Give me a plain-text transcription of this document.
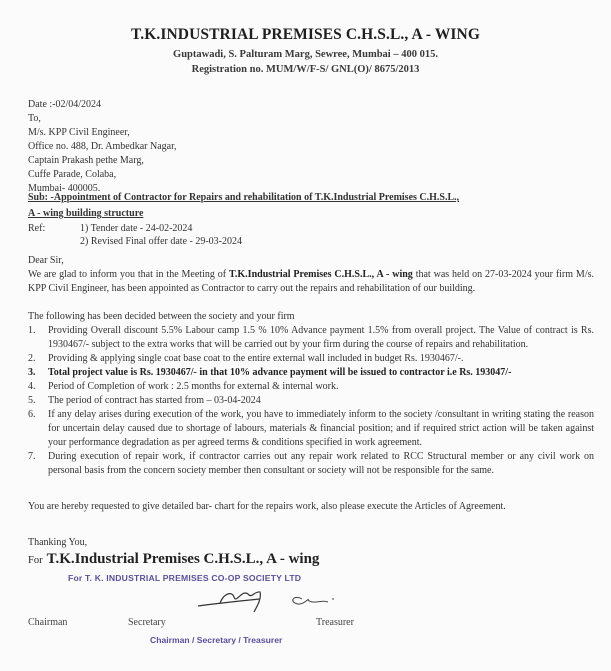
T.K.INDUSTRIAL PREMISES C.H.S.L., A - WING
Guptawadi, S. Palturam Marg, Sewree, Mumbai – 400 015.
Registration no. MUM/W/F-S/ GNL(O)/ 8675/2013
Date :-02/04/2024
To,
M/s. KPP Civil Engineer,
Office no. 488, Dr. Ambedkar Nagar,
Captain Prakash pethe Marg,
Cuffe Parade, Colaba,
Mumbai- 400005.
Sub: -Appointment of Contractor for Repairs and rehabilitation of T.K.Industrial Premises C.H.S.L.,
A - wing building structure
Ref:	1) Tender date - 24-02-2024
2) Revised Final offer date - 29-03-2024
Dear Sir,
We are glad to inform you that in the Meeting of T.K.Industrial Premises C.H.S.L., A - wing that was held on 27-03-2024 your firm M/s. KPP Civil Engineer, has been appointed as Contractor to carry out the repairs and rehabilitation of our building.
The following has been decided between the society and your firm
1.	Providing Overall discount 5.5% Labour camp 1.5 % 10% Advance payment 1.5% from overall project. The Value of contract is Rs. 1930467/- subject to the extra works that will be carried out by your firm during the course of repairs and rehabilitation.
2.	Providing & applying single coat base coat to the entire external wall included in budget Rs. 1930467/-.
3.	Total project value is Rs. 1930467/- in that 10% advance payment will be issued to contractor i.e Rs. 193047/-
4.	Period of Completion of work : 2.5 months for external & internal work.
5.	The period of contract has started from – 03-04-2024
6.	If any delay arises during execution of the work, you have to immediately inform to the society /consultant in writing stating the reason for uncertain delay caused due to shortage of labours, materials & financial position; and if required strict action will be taken against your performance degradation as per agreed terms & conditions specified in work agreement.
7.	During execution of repair work, if contractor carries out any repair work related to RCC Structural member or any civil work on personal basis from the concern society member then consultant or society will not be responsible for the same.
You are hereby requested to give detailed bar- chart for the repairs work, also please execute the Articles of Agreement.
Thanking You,
For T.K.Industrial Premises C.H.S.L., A - wing
For T. K. INDUSTRIAL PREMISES CO-OP SOCIETY LTD
Chairman	Secretary	Treasurer
Chairman / Secretary / Treasurer
